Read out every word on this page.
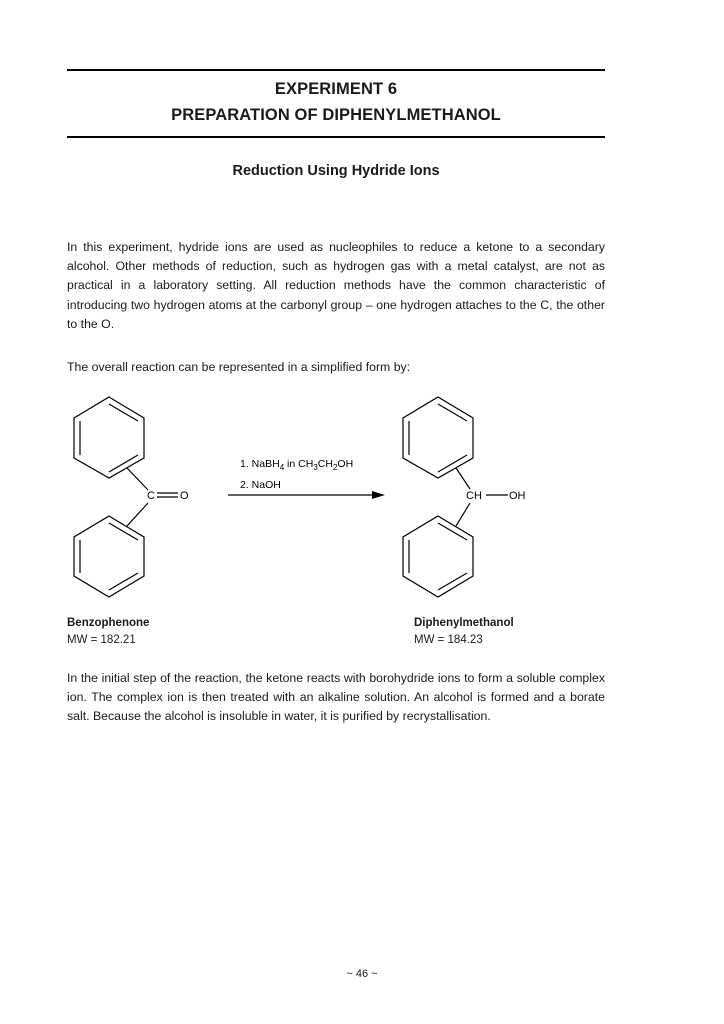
EXPERIMENT 6
PREPARATION OF DIPHENYLMETHANOL
Reduction Using Hydride Ions
In this experiment, hydride ions are used as nucleophiles to reduce a ketone to a secondary alcohol. Other methods of reduction, such as hydrogen gas with a metal catalyst, are not as practical in a laboratory setting. All reduction methods have the common characteristic of introducing two hydrogen atoms at the carbonyl group – one hydrogen attaches to the C, the other to the O.
The overall reaction can be represented in a simplified form by:
C O	CH OH
1. NaBH$_4$ in $CH_3CH_2OH$
2. NaOH
Benzophenone
MW = 182.21
Diphenylmethanol
MW = 184.23
In the initial step of the reaction, the ketone reacts with borohydride ions to form a soluble complex ion. The complex ion is then treated with an alkaline solution. An alcohol is formed and a borate salt. Because the alcohol is insoluble in water, it is purified by recrystallisation.
~ 46 ~
